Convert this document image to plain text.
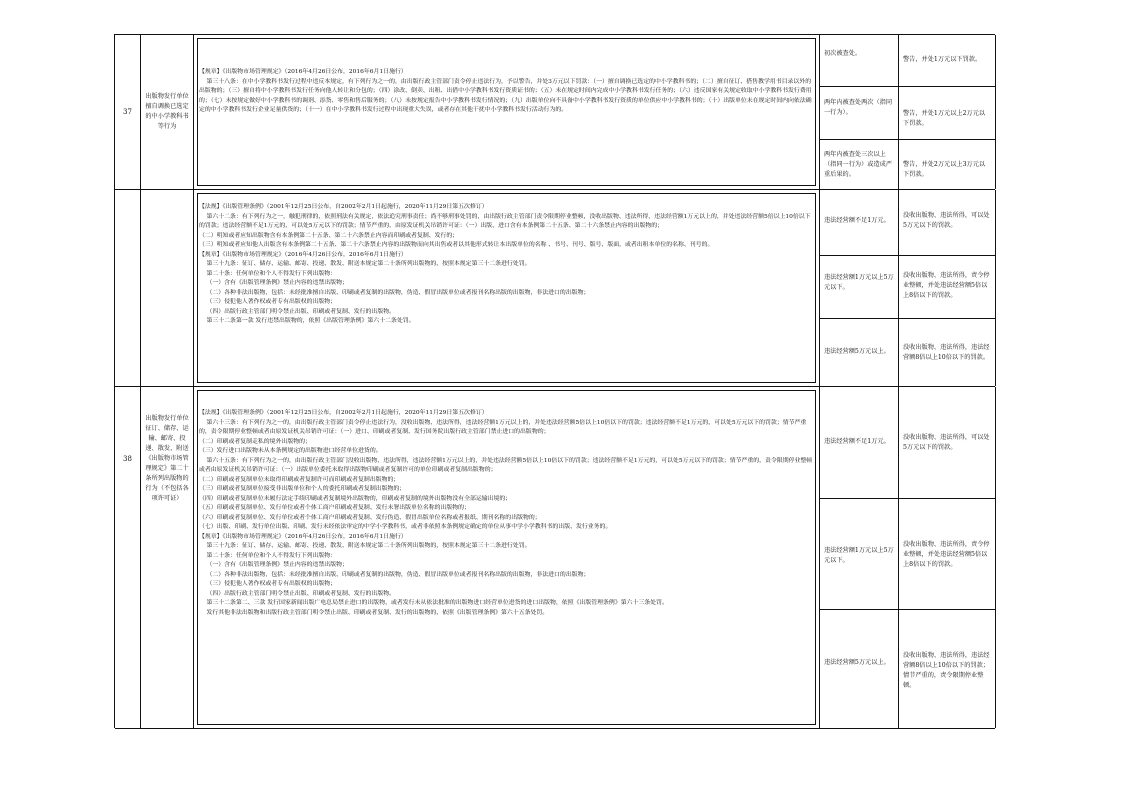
37
出版物发行单位擅自调换已选定的中小学教科书等行为
【规章】《出版物市场管理规定》（2016年4月26日公布，2016年6月1日施行）
第三十八条：在中小学教科书发行过程中违反本规定，有下列行为之一的，由出版行政主管部门责令停止违法行为，予以警告，并处3万元以下罚款：（一）擅自调换已选定的中小学教科书的；（二）擅自征订、搭售教学用书目录以外的出版物的；（三）擅自将中小学教科书发行任务向他人转让和分包的；（四）涂改、倒卖、出租、出借中小学教科书发行资质证书的；（五）未在规定时间内完成中小学教科书发行任务的；（六）违反国家有关规定收取中小学教科书发行费用的；（七）未按规定做好中小学教科书的调剂、添货、零售和售后服务的；（八）未按规定报告中小学教科书发行情况的；（九）出版单位向不具备中小学教科书发行资质的单位供应中小学教科书的；（十）出版单位未在规定时间内向依法确定的中小学教科书发行企业足量供货的；（十一）在中小学教科书发行过程中出现重大失误，或者存在其他干扰中小学教科书发行活动行为的。
初次被查处。
两年内被查处两次（指同一行为）。
两年内被查处三次以上（指同一行为）或造成严重后果的。
警告，并处1万元以下罚款。
警告，并处1万元以上2万元以下罚款。
警告，并处2万元以上3万元以下罚款。
【法规】《出版管理条例》（2001年12月25日公布，自2002年2月1日起施行，2020年11月29日第五次修订）
第六十二条：有下列行为之一，触犯刑律的，依照刑法有关规定，依法追究刑事责任；尚不够刑事处罚的，由出版行政主管部门责令限期停业整顿，没收出版物、违法所得，违法经营额1万元以上的，并处违法经营额5倍以上10倍以下的罚款；违法经营额不足1万元的，可以处5万元以下的罚款；情节严重的，由原发证机关吊销许可证：（一）出版、进口含有本条例第二十五条、第二十六条禁止内容的出版物的；
（二）明知或者应知出版物含有本条例第二十五条、第二十六条禁止内容而印刷或者复制、发行的；
（三）明知或者应知他人出版含有本条例第二十五条、第二十六条禁止内容的出版物而向其出售或者以其他形式转让本出版单位的名称 、书号、刊号、版号、版面，或者出租本单位的名称、刊号的。
【规章】《出版物市场管理规定》（2016年4月26日公布，2016年6月1日施行）
第三十九条：征订、储存、运输、邮寄、投递、散发、附送本规定第二十条所列出版物的，按照本规定第三十二条进行处罚。
第二十条：任何单位和个人不得发行下列出版物：
（一）含有《出版管理条例》禁止内容的违禁出版物；
（二）各种非法出版物，包括：未经批准擅自出版、印刷或者复制的出版物，伪造、假冒出版单位或者报刊名称出版的出版物，非法进口的出版物；
（三）侵犯他人著作权或者专有出版权的出版物；
（四）出版行政主管部门明令禁止出版、印刷或者复制、发行的出版物。
第三十二条第一款 发行违禁出版物的，依照《出版管理条例》第六十二条处罚。
违法经营额不足1万元。
违法经营额1万元以上5万元以下。
违法经营额5万元以上。
没收出版物、违法所得，可以处5万元以下的罚款。
没收出版物、违法所得，责令停业整顿，并处违法经营额5倍以上8倍以下的罚款。
没收出版物、违法所得，违法经营额8倍以上10倍以下的罚款。
38
出版物发行单位征订、储存、运输、邮寄、投递、散发、附送《出版物市场管理规定》第二十条所列出版物的行为（不包括各项许可证）
【法规】《出版管理条例》（2001年12月25日公布，自2002年2月1日起施行，2020年11月29日第五次修订）
第六十三条：有下列行为之一的，由出版行政主管部门责令停止违法行为，没收出版物、违法所得，违法经营额1万元以上的，并处违法经营额5倍以上10倍以下的罚款；违法经营额不足1万元的，可以处5万元以下的罚款；情节严重的，责令限期停业整顿或者由原发证机关吊销许可证：（一）进口、印刷或者复制、发行国务院出版行政主管部门禁止进口的出版物的；
（二）印刷或者复制走私的境外出版物的；
（三）发行进口出版物未从本条例规定的出版物进口经营单位进货的。
第六十五条：有下列行为之一的，由出版行政主管部门没收出版物、违法所得，违法经营额1万元以上的，并处违法经营额5倍以上10倍以下的罚款；违法经营额不足1万元的，可以处5万元以下的罚款；情节严重的，责令限期停业整顿或者由原发证机关吊销许可证：（一）出版单位委托未取得出版物印刷或者复制许可的单位印刷或者复制出版物的；
（二）印刷或者复制单位未取得印刷或者复制许可而印刷或者复制出版物的；
（三）印刷或者复制单位接受非出版单位和个人的委托印刷或者复制出版物的；
（四）印刷或者复制单位未履行法定手续印刷或者复制境外出版物的，印刷或者复制的境外出版物没有全部运输出境的；
（五）印刷或者复制单位、发行单位或者个体工商户印刷或者复制、发行未署出版单位名称的出版物的；
（六）印刷或者复制单位、发行单位或者个体工商户印刷或者复制、发行伪造、假冒出版单位名称或者报纸、期刊名称的出版物的；
（七）出版、印刷、发行单位出版、印刷、发行未经依法审定的中学小学教科书，或者非依照本条例规定确定的单位从事中学小学教科书的出版、发行业务的。
【规章】《出版物市场管理规定》（2016年4月26日公布，2016年6月1日施行）
第三十九条：征订、储存、运输、邮寄、投递、散发、附送本规定第二十条所列出版物的，按照本规定第三十二条进行处罚。
第二十条：任何单位和个人不得发行下列出版物：
（一）含有《出版管理条例》禁止内容的违禁出版物；
（二）各种非法出版物，包括：未经批准擅自出版、印刷或者复制的出版物，伪造、假冒出版单位或者报刊名称出版的出版物，非法进口的出版物；
（三）侵犯他人著作权或者专有出版权的出版物；
（四）出版行政主管部门明令禁止出版、印刷或者复制、发行的出版物。
第三十二条第二、三款 发行国家新闻出版广电总局禁止进口的出版物，或者发行未从依法批准的出版物进口经营单位进货的进口出版物，依照《出版管理条例》第六十三条处罚。
发行其他非法出版物和出版行政主管部门明令禁止出版、印刷或者复制、发行的出版物的，依照《出版管理条例》第六十五条处罚。
违法经营额不足1万元。
违法经营额1万元以上5万元以下。
违法经营额5万元以上。
没收出版物、违法所得，可以处5万元以下的罚款。
没收出版物、违法所得，责令停业整顿，并处违法经营额5倍以上8倍以下的罚款。
没收出版物、违法所得，违法经营额8倍以上10倍以下的罚款；情节严重的，责令限期停业整顿。
